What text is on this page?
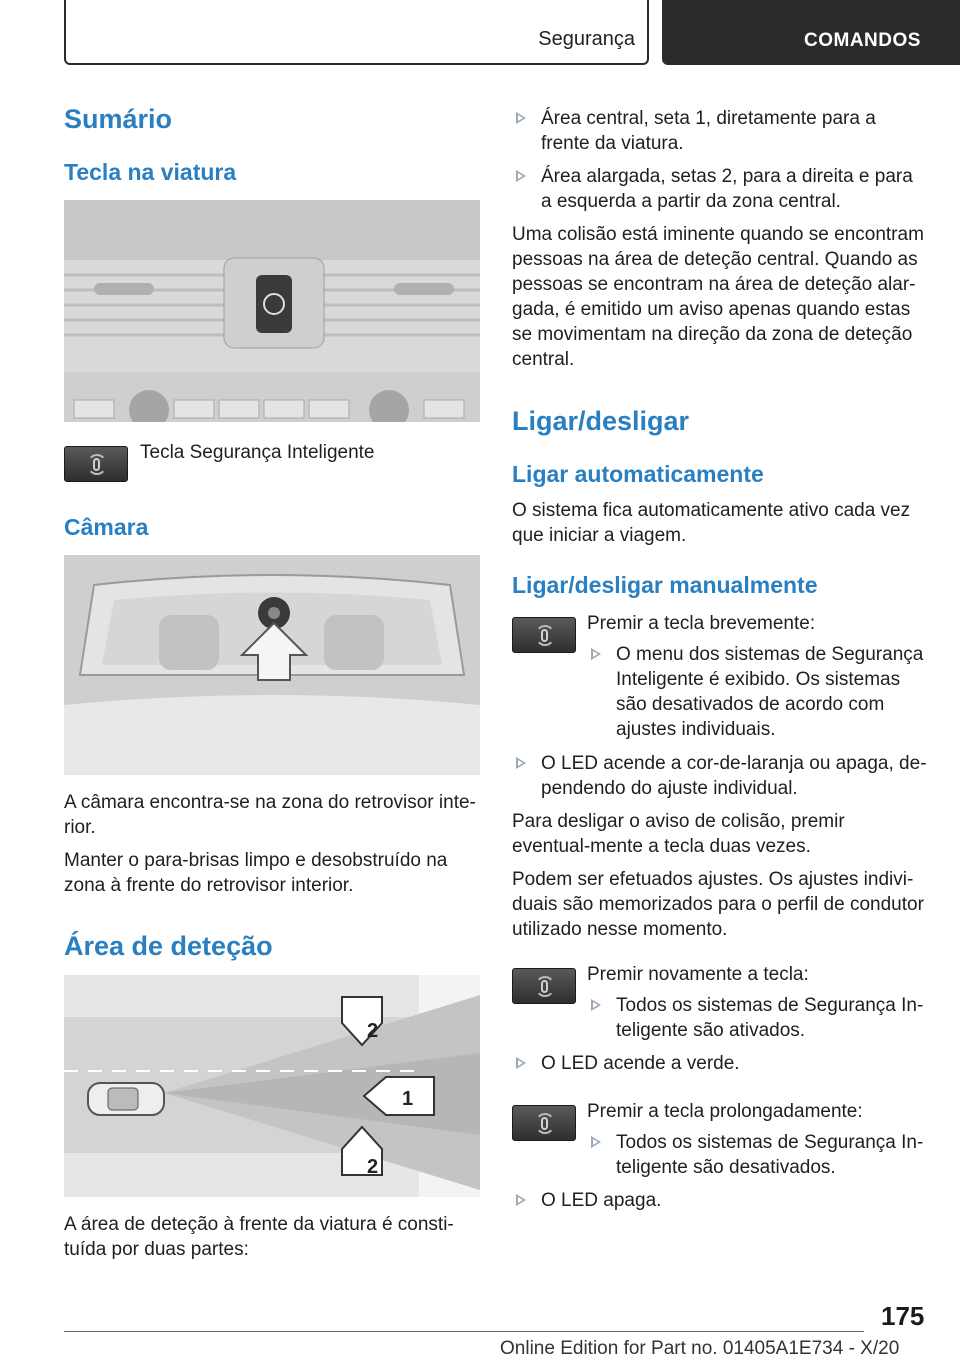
Segurança	COMANDOS
Sumário
Tecla na viatura
Tecla Segurança Inteligente
Câmara

A câmara encontra-se na zona do retrovisor inte-rior.

Manter o para-brisas limpo e desobstruído na zona à frente do retrovisor interior.

Área de deteção
2
1
2
A área de deteção à frente da viatura é consti-tuída por duas partes:
Área central, seta 1, diretamente para a frente da viatura.
Área alargada, setas 2, para a direita e para a esquerda a partir da zona central.

Uma colisão está iminente quando se encontram pessoas na área de deteção central. Quando as pessoas se encontram na área de deteção alar-gada, é emitido um aviso apenas quando estas se movimentam na direção da zona de deteção central.

Ligar/desligar
Ligar automaticamente
O sistema fica automaticamente ativo cada vez que iniciar a viagem.
Ligar/desligar manualmente

Premir a tecla brevemente:

O menu dos sistemas de Segurança Inteligente é exibido. Os sistemas são desativados de acordo com ajustes individuais.
O LED acende a cor-de-laranja ou apaga, de-pendendo do ajuste individual.

Para desligar o aviso de colisão, premir eventual-mente a tecla duas vezes.

Podem ser efetuados ajustes. Os ajustes indivi-duais são memorizados para o perfil de condutor utilizado nesse momento.

Premir novamente a tecla:

Todos os sistemas de Segurança In-teligente são ativados.
O LED acende a verde.

Premir a tecla prolongadamente:

Todos os sistemas de Segurança In-teligente são desativados.
O LED apaga.
175
Online Edition for Part no. 01405A1E734 - X/20
